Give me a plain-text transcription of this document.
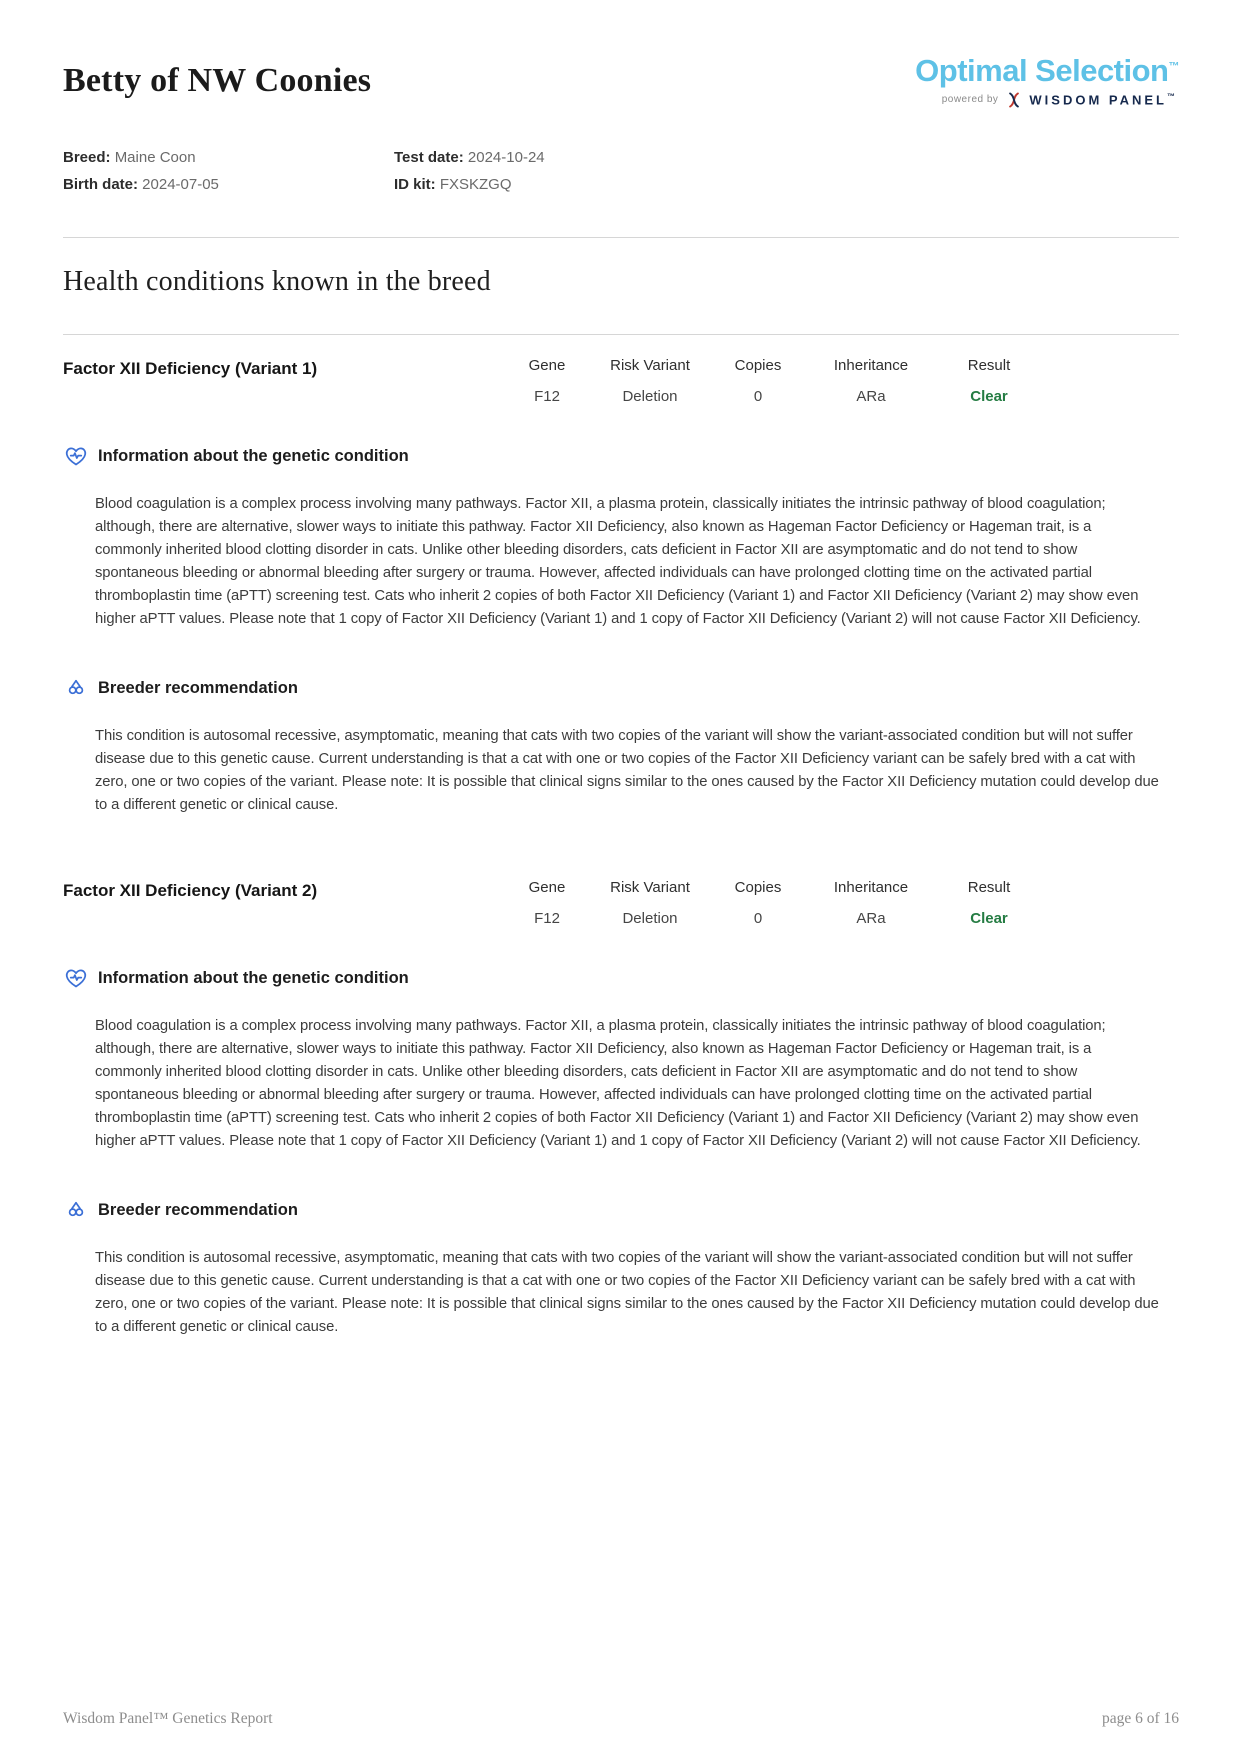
Betty of NW Coonies	Optimal Selection™
powered by WISDOM PANEL™
Breed: Maine Coon
Birth date: 2024-07-05
Test date: 2024-10-24
ID kit: FXSKZGQ
Health conditions known in the breed
Factor XII Deficiency (Variant 1)	Gene	Risk Variant	Copies	Inheritance	Result
F12	Deletion	0	ARa	Clear
Information about the genetic condition
Blood coagulation is a complex process involving many pathways. Factor XII, a plasma protein, classically initiates the intrinsic pathway of blood coagulation; although, there are alternative, slower ways to initiate this pathway. Factor XII Deficiency, also known as Hageman Factor Deficiency or Hageman trait, is a commonly inherited blood clotting disorder in cats. Unlike other bleeding disorders, cats deficient in Factor XII are asymptomatic and do not tend to show spontaneous bleeding or abnormal bleeding after surgery or trauma. However, affected individuals can have prolonged clotting time on the activated partial thromboplastin time (aPTT) screening test. Cats who inherit 2 copies of both Factor XII Deficiency (Variant 1) and Factor XII Deficiency (Variant 2) may show even higher aPTT values. Please note that 1 copy of Factor XII Deficiency (Variant 1) and 1 copy of Factor XII Deficiency (Variant 2) will not cause Factor XII Deficiency.
Breeder recommendation
This condition is autosomal recessive, asymptomatic, meaning that cats with two copies of the variant will show the variant-associated condition but will not suffer disease due to this genetic cause. Current understanding is that a cat with one or two copies of the Factor XII Deficiency variant can be safely bred with a cat with zero, one or two copies of the variant. Please note: It is possible that clinical signs similar to the ones caused by the Factor XII Deficiency mutation could develop due to a different genetic or clinical cause.
Factor XII Deficiency (Variant 2)	Gene	Risk Variant	Copies	Inheritance	Result
F12	Deletion	0	ARa	Clear
Information about the genetic condition
Blood coagulation is a complex process involving many pathways. Factor XII, a plasma protein, classically initiates the intrinsic pathway of blood coagulation; although, there are alternative, slower ways to initiate this pathway. Factor XII Deficiency, also known as Hageman Factor Deficiency or Hageman trait, is a commonly inherited blood clotting disorder in cats. Unlike other bleeding disorders, cats deficient in Factor XII are asymptomatic and do not tend to show spontaneous bleeding or abnormal bleeding after surgery or trauma. However, affected individuals can have prolonged clotting time on the activated partial thromboplastin time (aPTT) screening test. Cats who inherit 2 copies of both Factor XII Deficiency (Variant 1) and Factor XII Deficiency (Variant 2) may show even higher aPTT values. Please note that 1 copy of Factor XII Deficiency (Variant 1) and 1 copy of Factor XII Deficiency (Variant 2) will not cause Factor XII Deficiency.
Breeder recommendation
This condition is autosomal recessive, asymptomatic, meaning that cats with two copies of the variant will show the variant-associated condition but will not suffer disease due to this genetic cause. Current understanding is that a cat with one or two copies of the Factor XII Deficiency variant can be safely bred with a cat with zero, one or two copies of the variant. Please note: It is possible that clinical signs similar to the ones caused by the Factor XII Deficiency mutation could develop due to a different genetic or clinical cause.
Wisdom Panel™ Genetics Report	page 6 of 16
